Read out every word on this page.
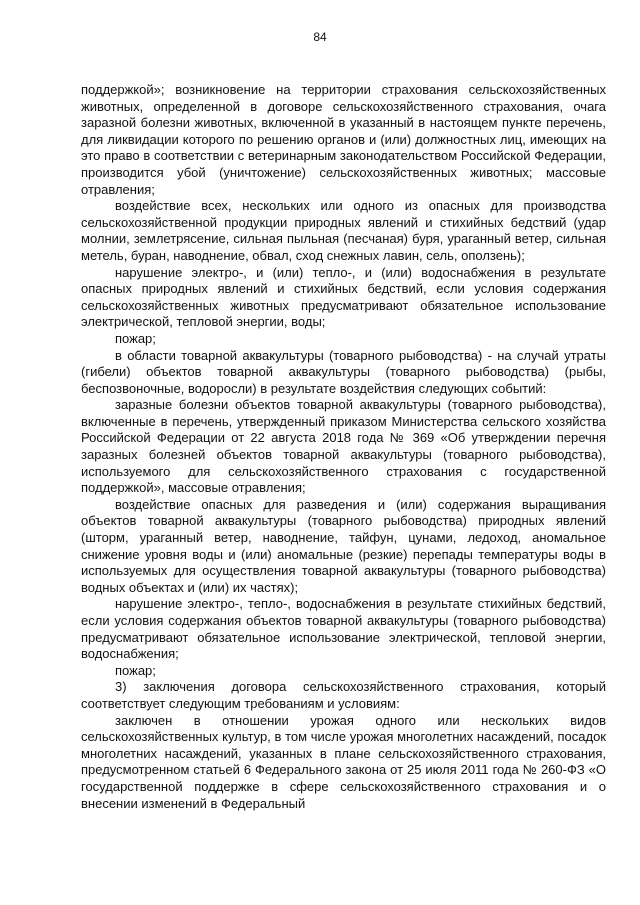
84

поддержкой»; возникновение на территории страхования сельскохозяйственных животных, определенной в договоре сельскохозяйственного страхования, очага заразной болезни животных, включенной в указанный в настоящем пункте перечень, для ликвидации которого по решению органов и (или) должностных лиц, имеющих на это право в соответствии с ветеринарным законодательством Российской Федерации, производится убой (уничтожение) сельскохозяйственных животных; массовые отравления;

воздействие всех, нескольких или одного из опасных для производства сельскохозяйственной продукции природных явлений и стихийных бедствий (удар молнии, землетрясение, сильная пыльная (песчаная) буря, ураганный ветер, сильная метель, буран, наводнение, обвал, сход снежных лавин, сель, оползень);

нарушение электро-, и (или) тепло-, и (или) водоснабжения в результате опасных природных явлений и стихийных бедствий, если условия содержания сельскохозяйственных животных предусматривают обязательное использование электрической, тепловой энергии, воды;

пожар;

в области товарной аквакультуры (товарного рыбоводства) - на случай утраты (гибели) объектов товарной аквакультуры (товарного рыбоводства) (рыбы, беспозвоночные, водоросли) в результате воздействия следующих событий:

заразные болезни объектов товарной аквакультуры (товарного рыбоводства), включенные в перечень, утвержденный приказом Министерства сельского хозяйства Российской Федерации от 22 августа 2018 года № 369 «Об утверждении перечня заразных болезней объектов товарной аквакультуры (товарного рыбоводства), используемого для сельскохозяйственного страхования с государственной поддержкой», массовые отравления;

воздействие опасных для разведения и (или) содержания выращивания объектов товарной аквакультуры (товарного рыбоводства) природных явлений (шторм, ураганный ветер, наводнение, тайфун, цунами, ледоход, аномальное снижение уровня воды и (или) аномальные (резкие) перепады температуры воды в используемых для осуществления товарной аквакультуры (товарного рыбоводства) водных объектах и (или) их частях);

нарушение электро-, тепло-, водоснабжения в результате стихийных бедствий, если условия содержания объектов товарной аквакультуры (товарного рыбоводства) предусматривают обязательное использование электрической, тепловой энергии, водоснабжения;

пожар;

3) заключения договора сельскохозяйственного страхования, который соответствует следующим требованиям и условиям:

заключен в отношении урожая одного или нескольких видов сельскохозяйственных культур, в том числе урожая многолетних насаждений, посадок многолетних насаждений, указанных в плане сельскохозяйственного страхования, предусмотренном статьей 6 Федерального закона от 25 июля 2011 года № 260-ФЗ «О государственной поддержке в сфере сельскохозяйственного страхования и о внесении изменений в Федеральный
